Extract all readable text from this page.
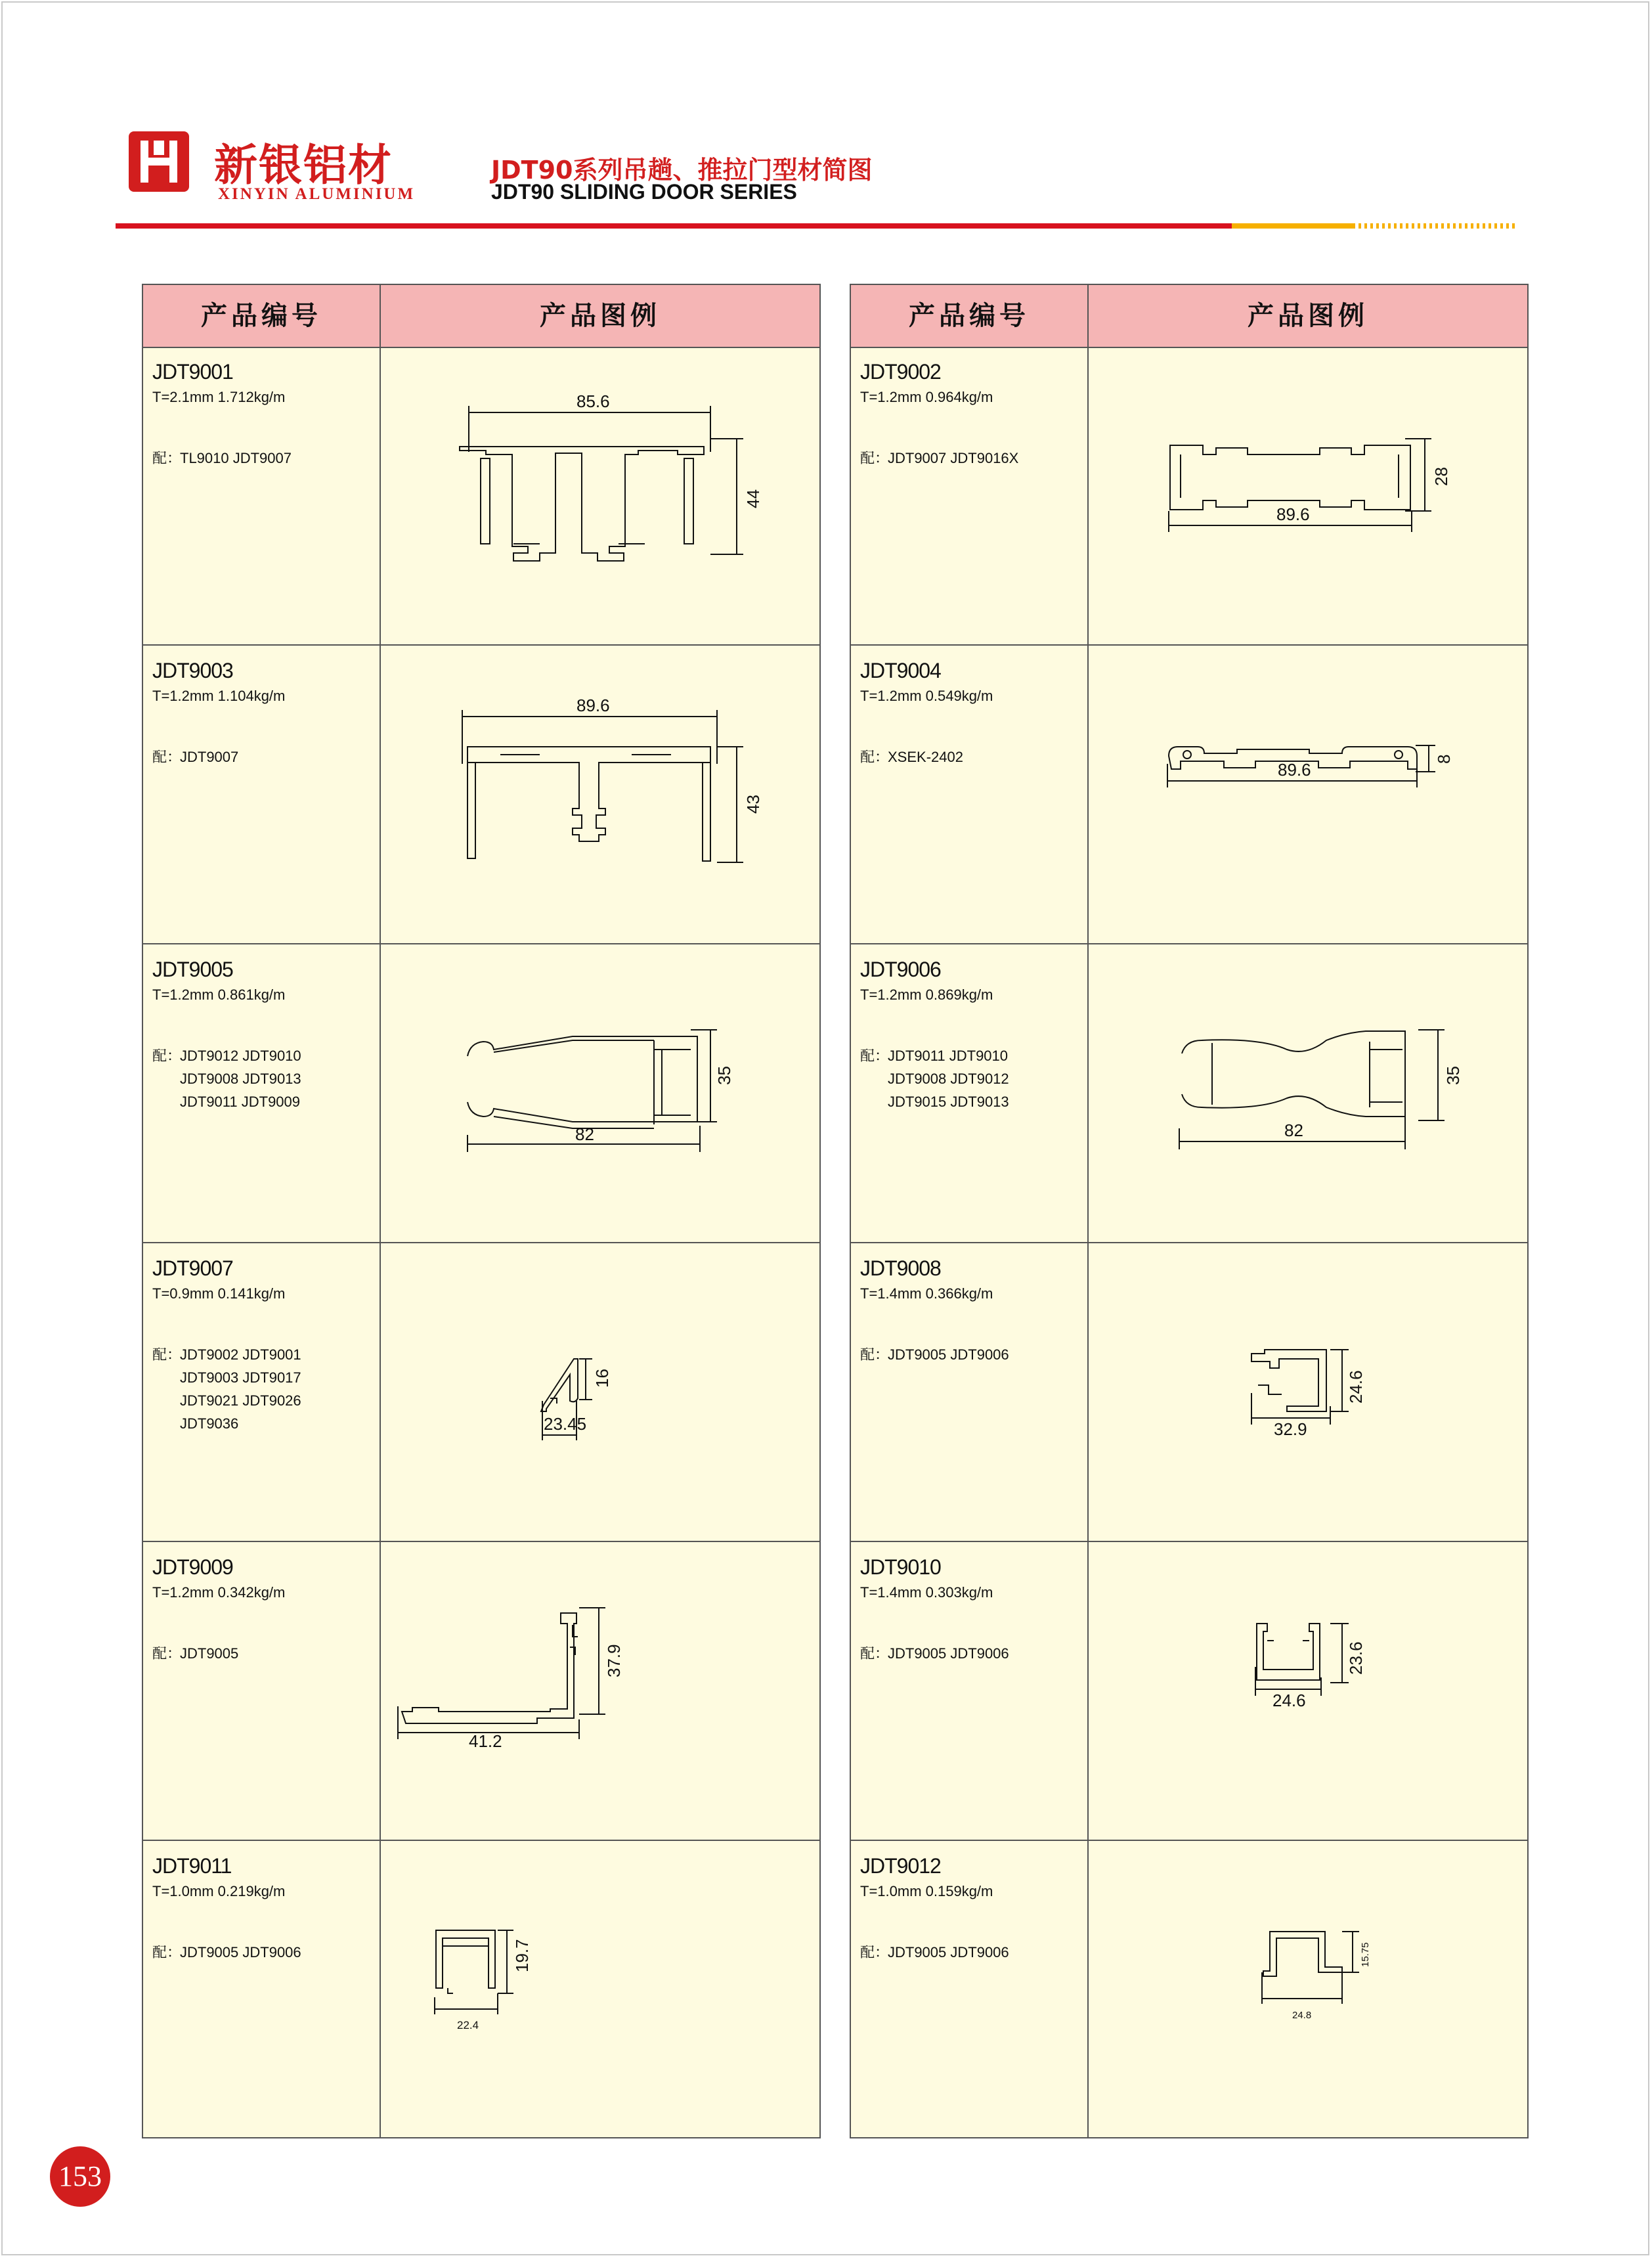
新银铝材
XINYIN ALUMINIUM
JDT90系列吊趟、推拉门型材简图
JDT90 SLIDING DOOR SERIES
产品编号	产品图例
JDT9001
T=2.1mm 1.712kg/m
配：TL9010 JDT9007
85.6
44
JDT9003
T=1.2mm 1.104kg/m
配：JDT9007
89.6
43
JDT9005
T=1.2mm 0.861kg/m
配：JDT9012 JDT9010
JDT9008 JDT9013
JDT9011 JDT9009
82
35
JDT9007
T=0.9mm 0.141kg/m
配：JDT9002 JDT9001
JDT9003 JDT9017
JDT9021 JDT9026
JDT9036	23.45
16
JDT9009
T=1.2mm 0.342kg/m
配：JDT9005
41.2
37.9
JDT9011
T=1.0mm 0.219kg/m
配：JDT9005 JDT9006
22.4
19.7
产品编号	产品图例
JDT9002
T=1.2mm 0.964kg/m
配：JDT9007 JDT9016X
89.6
28
JDT9004
T=1.2mm 0.549kg/m
配：XSEK-2402
89.6
8
JDT9006
T=1.2mm 0.869kg/m
配：JDT9011 JDT9010
JDT9008 JDT9012
JDT9015 JDT9013
82
35
JDT9008
T=1.4mm 0.366kg/m
配：JDT9005 JDT9006
32.9
24.6
JDT9010
T=1.4mm 0.303kg/m
配：JDT9005 JDT9006
24.6
23.6
JDT9012
T=1.0mm 0.159kg/m
配：JDT9005 JDT9006
24.8
15.75
153
